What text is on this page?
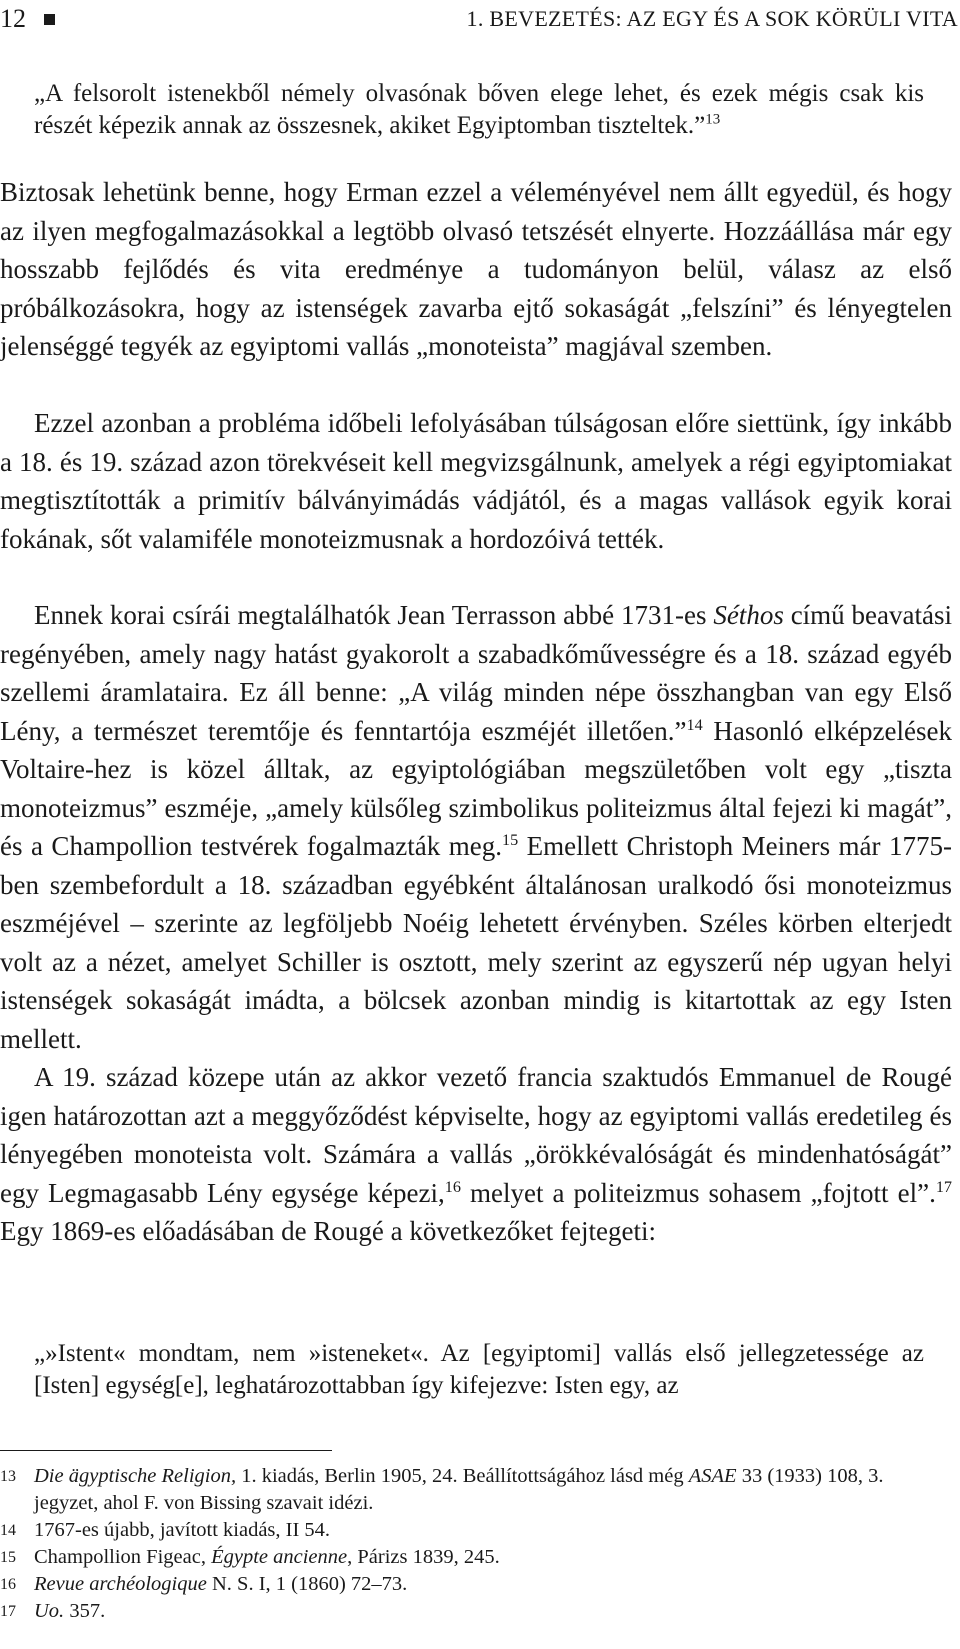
12	1. BEVEZETÉS: AZ EGY ÉS A SOK KÖRÜLI VITA
„A felsorolt istenekből némely olvasónak bőven elege lehet, és ezek mégis csak kis részét képezik annak az összesnek, akiket Egyiptomban tiszteltek.”$^{13}$
Biztosak lehetünk benne, hogy Erman ezzel a véleményével nem állt egyedül, és hogy az ilyen megfogalmazásokkal a legtöbb olvasó tetszését elnyerte. Hozzáállása már egy hosszabb fejlődés és vita eredménye a tudományon belül, válasz az első próbálkozásokra, hogy az istenségek zavarba ejtő sokaságát „felszíni” és lényegtelen jelenséggé tegyék az egyiptomi vallás „monoteista” magjával szemben.
Ezzel azonban a probléma időbeli lefolyásában túlságosan előre siettünk, így inkább a 18. és 19. század azon törekvéseit kell megvizsgálnunk, amelyek a régi egyiptomiakat megtisztították a primitív bálványimádás vádjától, és a magas vallások egyik korai fokának, sőt valamiféle monoteizmusnak a hordozóivá tették.
Ennek korai csírái megtalálhatók Jean Terrasson abbé 1731-es Séthos című beavatási regényében, amely nagy hatást gyakorolt a szabadkőművességre és a 18. század egyéb szellemi áramlataira. Ez áll benne: „A világ minden népe összhangban van egy Első Lény, a természet teremtője és fenntartója eszméjét illetően.”$^{14}$ Hasonló elképzelések Voltaire-hez is közel álltak, az egyiptológiában megszületőben volt egy „tiszta monoteizmus” eszméje, „amely külsőleg szimbolikus politeizmus által fejezi ki magát”, és a Champollion testvérek fogalmazták meg.$^{15}$ Emellett Christoph Meiners már 1775-ben szembefordult a 18. században egyébként általánosan uralkodó ősi monoteizmus eszméjével – szerinte az legföljebb Noéig lehetett érvényben. Széles körben elterjedt volt az a nézet, amelyet Schiller is osztott, mely szerint az egyszerű nép ugyan helyi istenségek sokaságát imádta, a bölcsek azonban mindig is kitartottak az egy Isten mellett.
A 19. század közepe után az akkor vezető francia szaktudós Emmanuel de Rougé igen határozottan azt a meggyőződést képviselte, hogy az egyiptomi vallás eredetileg és lényegében monoteista volt. Számára a vallás „örökkévalóságát és mindenhatóságát” egy Legmagasabb Lény egysége képezi,$^{16}$ melyet a politeizmus sohasem „fojtott el”.$^{17}$ Egy 1869-es előadásában de Rougé a következőket fejtegeti:
„»Istent« mondtam, nem »isteneket«. Az [egyiptomi] vallás első jellegzetessége az [Isten] egység[e], leghatározottabban így kifejezve: Isten egy, az
13 Die ägyptische Religion, 1. kiadás, Berlin 1905, 24. Beállítottságához lásd még ASAE 33 (1933) 108, 3. jegyzet, ahol F. von Bissing szavait idézi.
14 1767-es újabb, javított kiadás, II 54.
15 Champollion Figeac, Égypte ancienne, Párizs 1839, 245.
16 Revue archéologique N. S. I, 1 (1860) 72–73.
17 Uo. 357.
